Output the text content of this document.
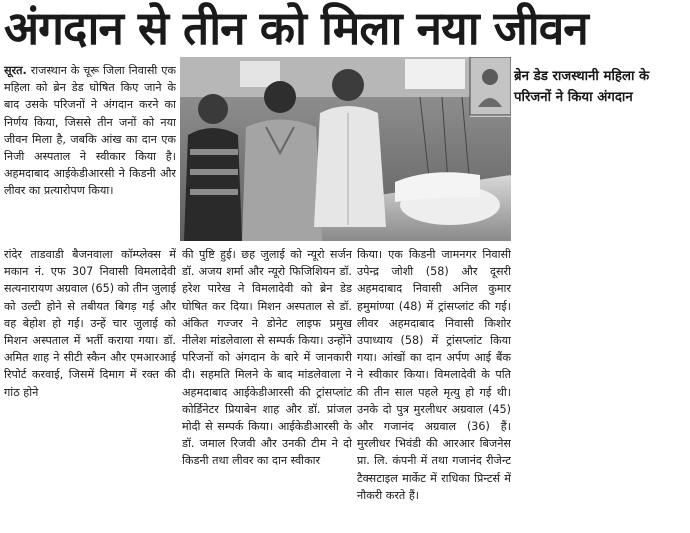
अंगदान से तीन को मिला नया जीवन

सूरत. राजस्थान के चूरू जिला निवासी एक महिला को ब्रेन डेड घोषित किए जाने के बाद उसके परिजनों ने अंगदान करने का निर्णय किया, जिससे तीन जनों को नया जीवन मिला है, जबकि आंख का दान एक निजी अस्पताल ने स्वीकार किया है। अहमदाबाद आईकेडीआरसी ने किडनी और लीवर का प्रत्यारोपण किया।

ब्रेन डेड राजस्थानी महिला के परिजनों ने किया अंगदान

रांदेर ताडवाडी बैजनवाला कॉम्प्लेक्स में मकान नं. एफ 307 निवासी विमलादेवी सत्यनारायण अग्रवाल (65) को तीन जुलाई को उल्टी होने से तबीयत बिगड़ गई और वह बेहोश हो गई। उन्हें चार जुलाई को मिशन अस्पताल में भर्ती कराया गया। डॉ. अमित शाह ने सीटी स्कैन और एमआरआई रिपोर्ट करवाई, जिसमें दिमाग में रक्त की गांठ होने

की पुष्टि हुई। छह जुलाई को न्यूरो सर्जन डॉ. अजय शर्मा और न्यूरो फिजिशियन डॉ. हरेश पारेख ने विमलादेवी को ब्रेन डेड घोषित कर दिया। मिशन अस्पताल से डॉ. अंकित गज्जर ने डोनेट लाइफ प्रमुख नीलेश मांडलेवाला से सम्पर्क किया। उन्होंने परिजनों को अंगदान के बारे में जानकारी दी। सहमति मिलने के बाद मांडलेवाला ने अहमदाबाद आईकेडीआरसी की ट्रांसप्लांट कोर्डिनेटर प्रियाबेन शाह और डॉ. प्रांजल मोदी से सम्पर्क किया। आईकेडीआरसी के डॉ. जमाल रिजवी और उनकी टीम ने दो किडनी तथा लीवर का दान स्वीकार

किया। एक किडनी जामनगर निवासी उपेन्द्र जोशी (58) और दूसरी अहमदाबाद निवासी अनिल कुमार हमुमांण्या (48) में ट्रांसप्लांट की गई। लीवर अहमदाबाद निवासी किशोर उपाध्याय (58) में ट्रांसप्लांट किया गया। आंखों का दान अर्पण आई बैंक ने स्वीकार किया। विमलादेवी के पति की तीन साल पहले मृत्यु हो गई थी। उनके दो पुत्र मुरलीधर अग्रवाल (45) और गजानंद अग्रवाल (36) हैं। मुरलीधर भिवंडी की आरआर बिजनेस प्रा. लि. कंपनी में तथा गजानंद रीजेन्ट टैक्सटाइल मार्केट में राधिका प्रिन्टर्स में नौकरी करते हैं।
